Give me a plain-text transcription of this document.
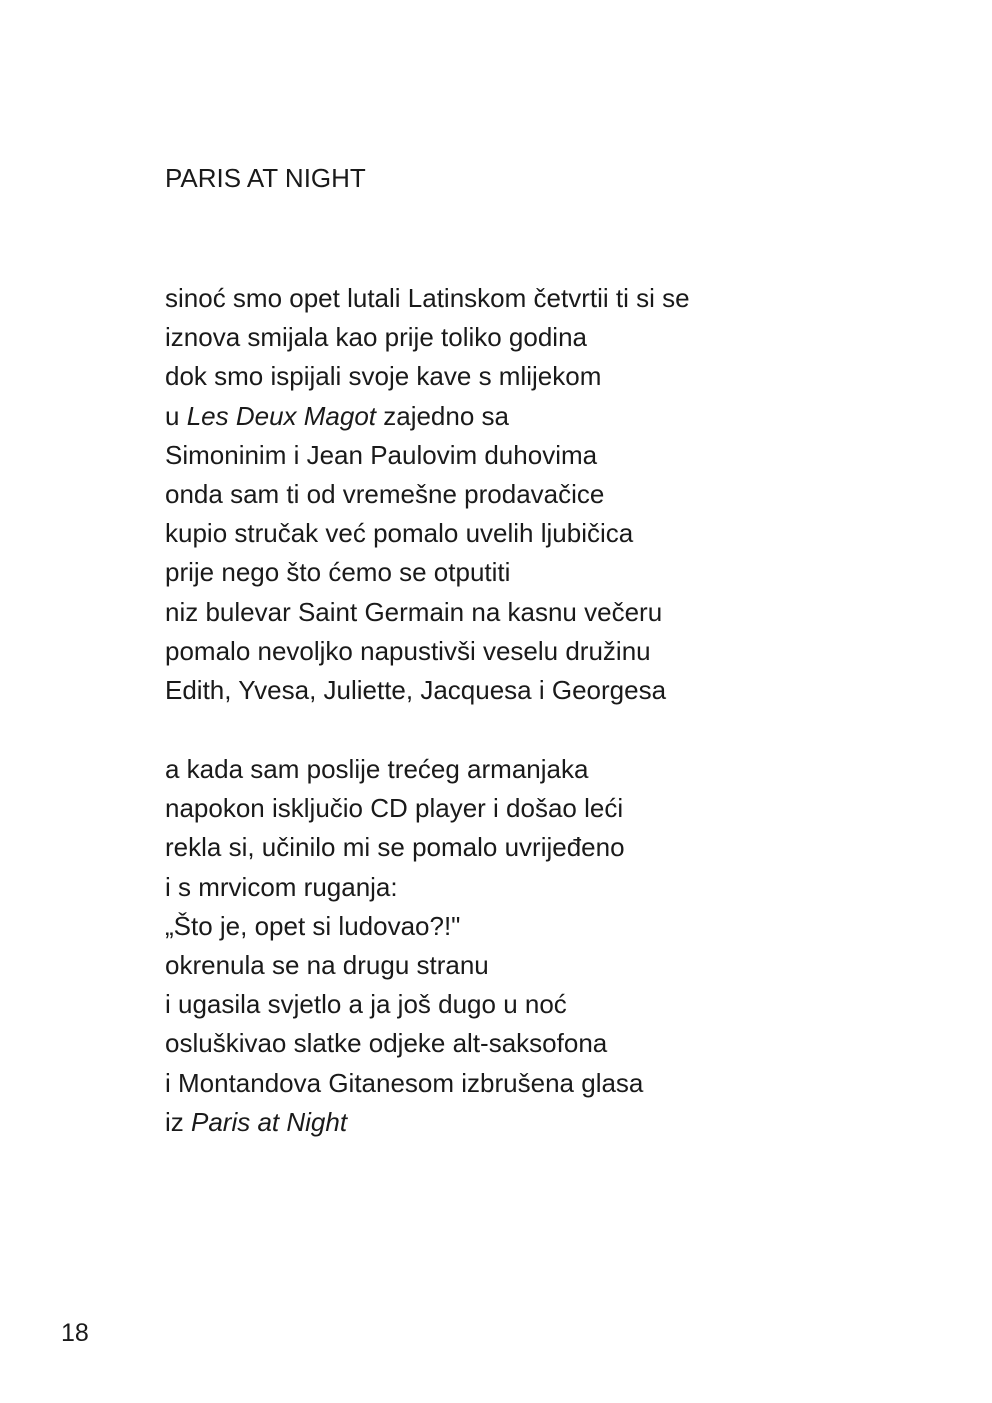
PARIS AT NIGHT
sinoć smo opet lutali Latinskom četvrtii ti si se
iznova smijala kao prije toliko godina
dok smo ispijali svoje kave s mlijekom
u Les Deux Magot zajedno sa
Simoninim i Jean Paulovim duhovima
onda sam ti od vremešne prodavačice
kupio stručak već pomalo uvelih ljubičica
prije nego što ćemo se otputiti
niz bulevar Saint Germain na kasnu večeru
pomalo nevoljko napustivši veselu družinu
Edith, Yvesa, Juliette, Jacquesa i Georgesa
a kada sam poslije trećeg armanjaka
napokon isključio CD player i došao leći
rekla si, učinilo mi se pomalo uvrijeđeno
i s mrvicom ruganja:
„Što je, opet si ludovao?!"
okrenula se na drugu stranu
i ugasila svjetlo a ja još dugo u noć
osluškivao slatke odjeke alt-saksofona
i Montandova Gitanesom izbrušena glasa
iz Paris at Night
18
